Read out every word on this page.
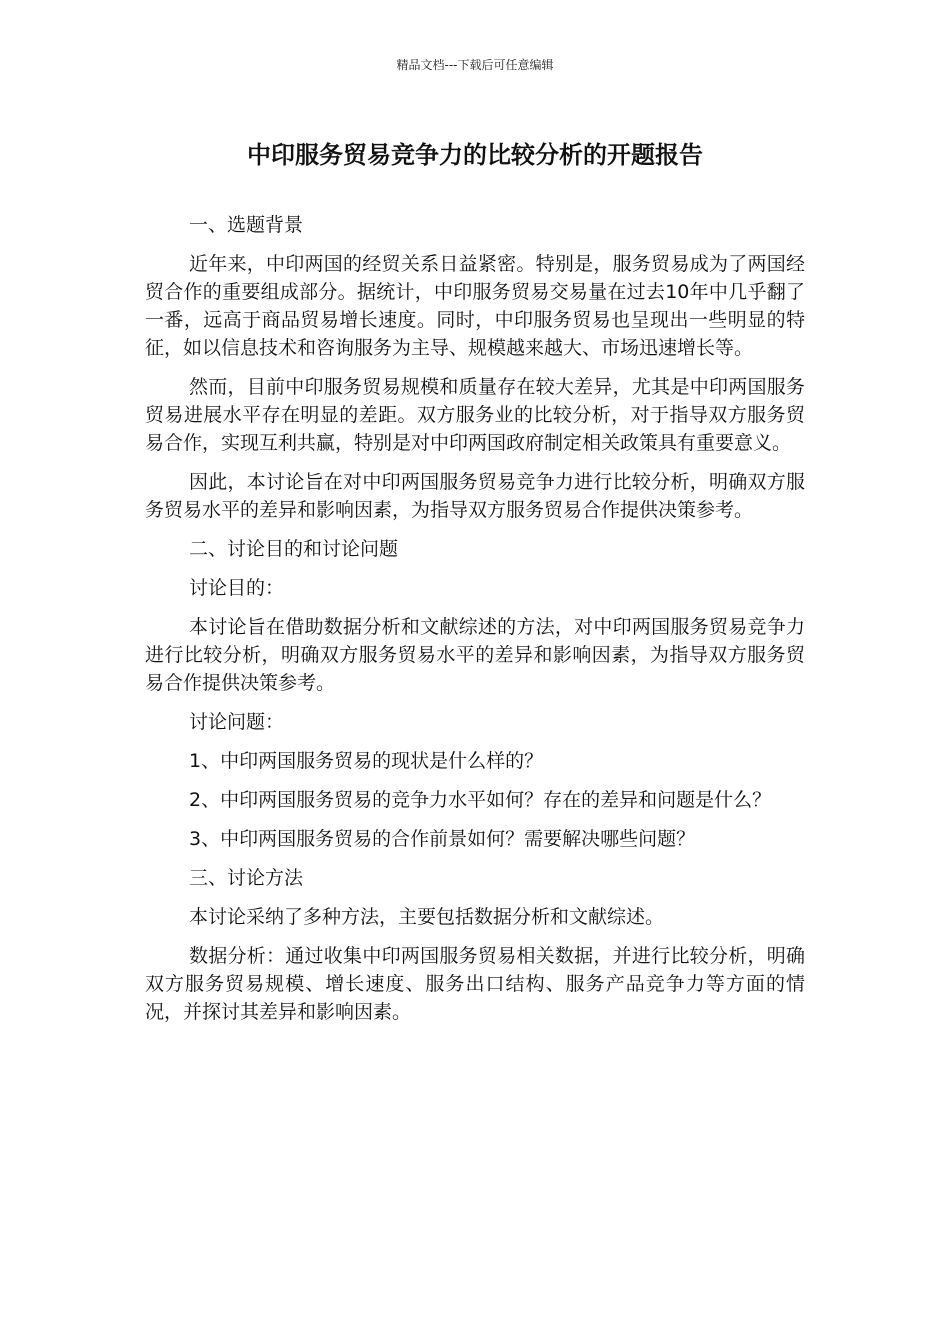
精品文档---下载后可任意编辑
中印服务贸易竞争力的比较分析的开题报告

一、选题背景

近年来，中印两国的经贸关系日益紧密。特别是，服务贸易成为了两国经贸合作的重要组成部分。据统计，中印服务贸易交易量在过去10年中几乎翻了一番，远高于商品贸易增长速度。同时，中印服务贸易也呈现出一些明显的特征，如以信息技术和咨询服务为主导、规模越来越大、市场迅速增长等。

然而，目前中印服务贸易规模和质量存在较大差异，尤其是中印两国服务贸易进展水平存在明显的差距。双方服务业的比较分析，对于指导双方服务贸易合作，实现互利共赢，特别是对中印两国政府制定相关政策具有重要意义。

因此，本讨论旨在对中印两国服务贸易竞争力进行比较分析，明确双方服务贸易水平的差异和影响因素，为指导双方服务贸易合作提供决策参考。

二、讨论目的和讨论问题

讨论目的：

本讨论旨在借助数据分析和文献综述的方法，对中印两国服务贸易竞争力进行比较分析，明确双方服务贸易水平的差异和影响因素，为指导双方服务贸易合作提供决策参考。

讨论问题：

1、中印两国服务贸易的现状是什么样的？

2、中印两国服务贸易的竞争力水平如何？存在的差异和问题是什么？

3、中印两国服务贸易的合作前景如何？需要解决哪些问题？

三、讨论方法

本讨论采纳了多种方法，主要包括数据分析和文献综述。

数据分析：通过收集中印两国服务贸易相关数据，并进行比较分析，明确双方服务贸易规模、增长速度、服务出口结构、服务产品竞争力等方面的情况，并探讨其差异和影响因素。
